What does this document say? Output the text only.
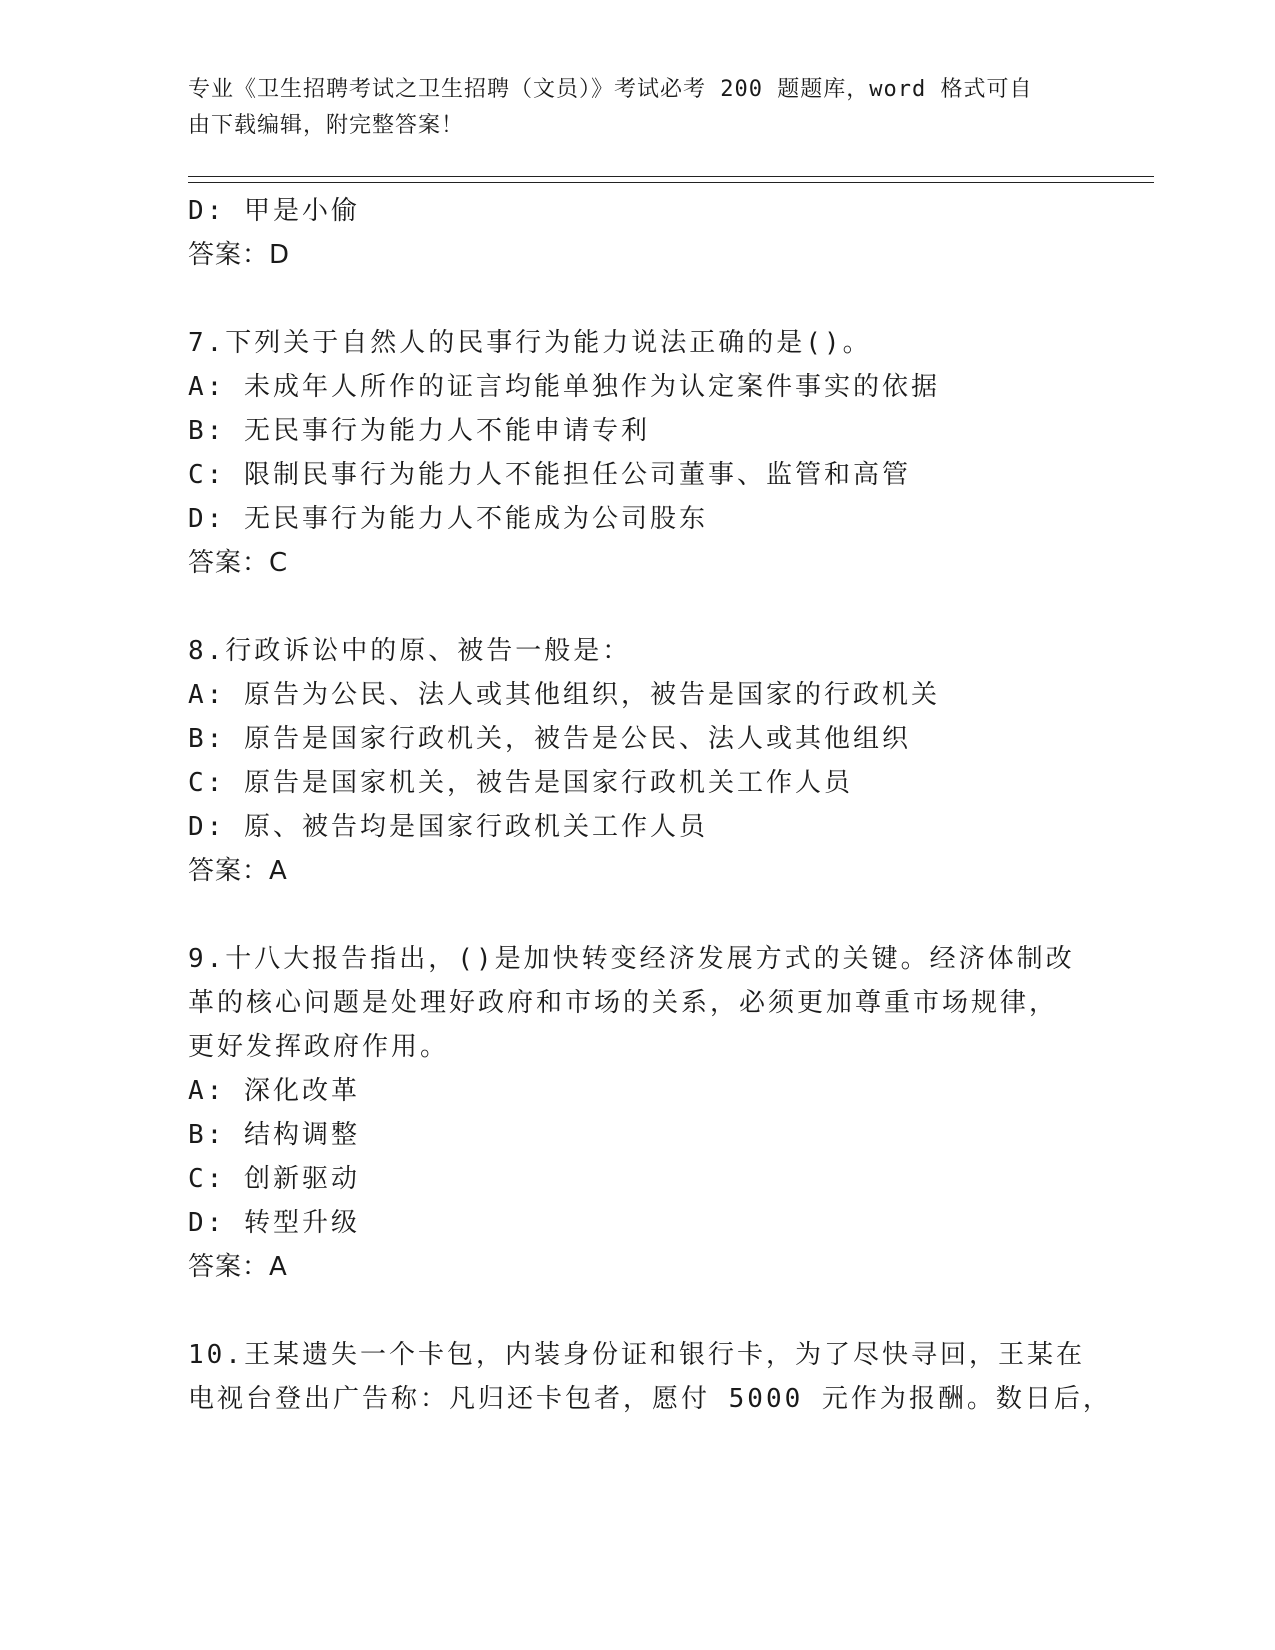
专业《卫生招聘考试之卫生招聘（文员）》考试必考 200 题题库，word 格式可自
由下载编辑，附完整答案！
D: 甲是小偷
答案：D
7.下列关于自然人的民事行为能力说法正确的是()。
A: 未成年人所作的证言均能单独作为认定案件事实的依据
B: 无民事行为能力人不能申请专利
C: 限制民事行为能力人不能担任公司董事、监管和高管
D: 无民事行为能力人不能成为公司股东
答案：C
8.行政诉讼中的原、被告一般是：
A: 原告为公民、法人或其他组织，被告是国家的行政机关
B: 原告是国家行政机关，被告是公民、法人或其他组织
C: 原告是国家机关，被告是国家行政机关工作人员
D: 原、被告均是国家行政机关工作人员
答案：A
9.十八大报告指出，()是加快转变经济发展方式的关键。经济体制改
革的核心问题是处理好政府和市场的关系，必须更加尊重市场规律，
更好发挥政府作用。
A: 深化改革
B: 结构调整
C: 创新驱动
D: 转型升级
答案：A
10.王某遗失一个卡包，内装身份证和银行卡，为了尽快寻回，王某在
电视台登出广告称：凡归还卡包者，愿付 5000 元作为报酬。数日后，
